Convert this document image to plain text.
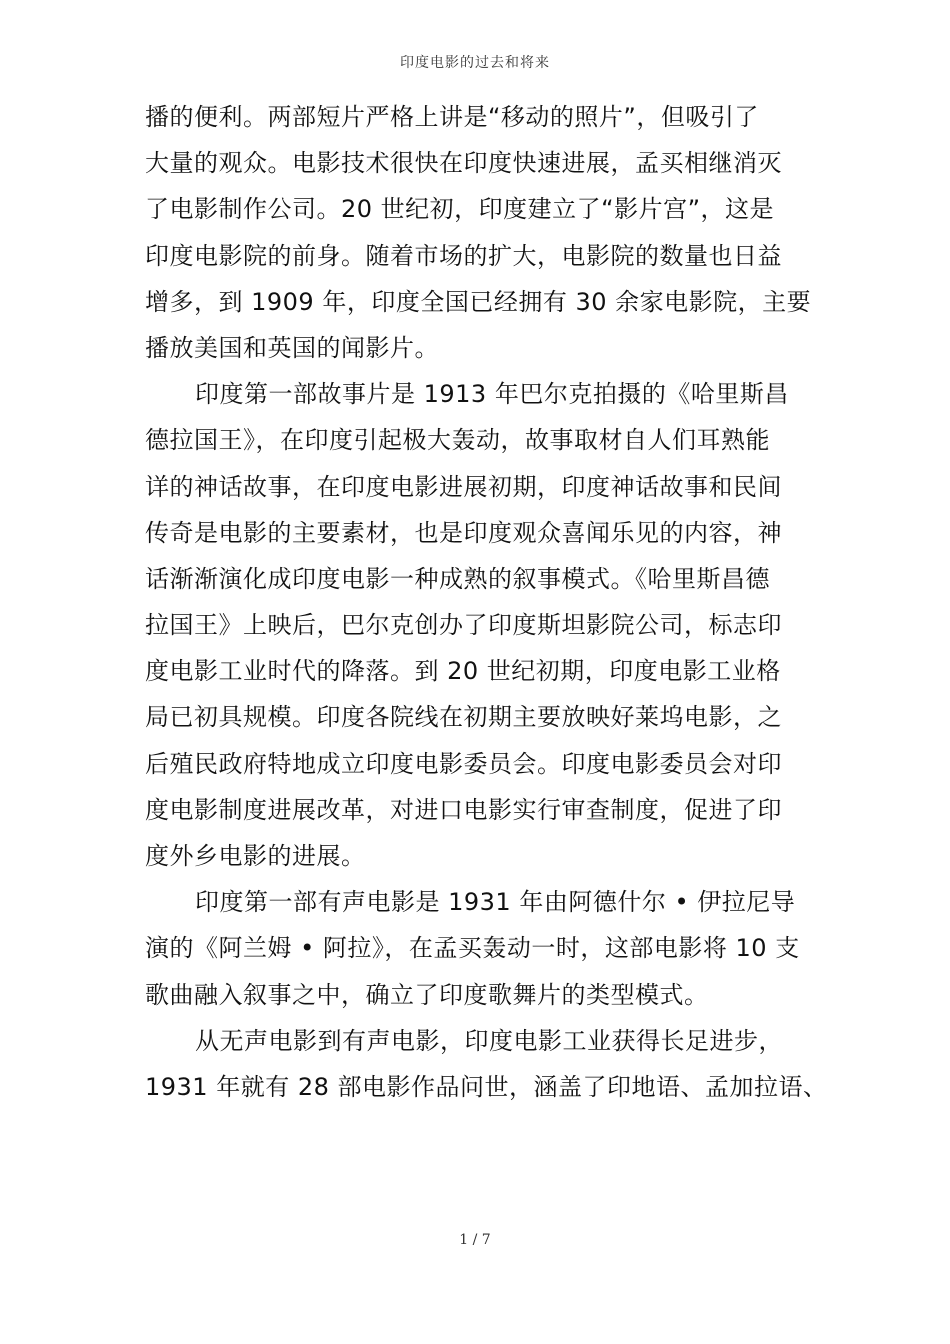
印度电影的过去和将来
播的便利。两部短片严格上讲是“移动的照片”，但吸引了
大量的观众。电影技术很快在印度快速进展，孟买相继消灭
了电影制作公司。20 世纪初，印度建立了“影片宫”，这是
印度电影院的前身。随着市场的扩大，电影院的数量也日益
增多，到 1909 年，印度全国已经拥有 30 余家电影院，主要
播放美国和英国的闻影片。
印度第一部故事片是 1913 年巴尔克拍摄的《哈里斯昌
德拉国王》，在印度引起极大轰动，故事取材自人们耳熟能
详的神话故事，在印度电影进展初期，印度神话故事和民间
传奇是电影的主要素材，也是印度观众喜闻乐见的内容，神
话渐渐演化成印度电影一种成熟的叙事模式。《哈里斯昌德
拉国王》上映后，巴尔克创办了印度斯坦影院公司，标志印
度电影工业时代的降落。到 20 世纪初期，印度电影工业格
局已初具规模。印度各院线在初期主要放映好莱坞电影，之
后殖民政府特地成立印度电影委员会。印度电影委员会对印
度电影制度进展改革，对进口电影实行审查制度，促进了印
度外乡电影的进展。
印度第一部有声电影是 1931 年由阿德什尔 • 伊拉尼导
演的《阿兰姆 • 阿拉》，在孟买轰动一时，这部电影将 10 支
歌曲融入叙事之中，确立了印度歌舞片的类型模式。
从无声电影到有声电影，印度电影工业获得长足进步，
1931 年就有 28 部电影作品问世，涵盖了印地语、孟加拉语、
1 / 7
